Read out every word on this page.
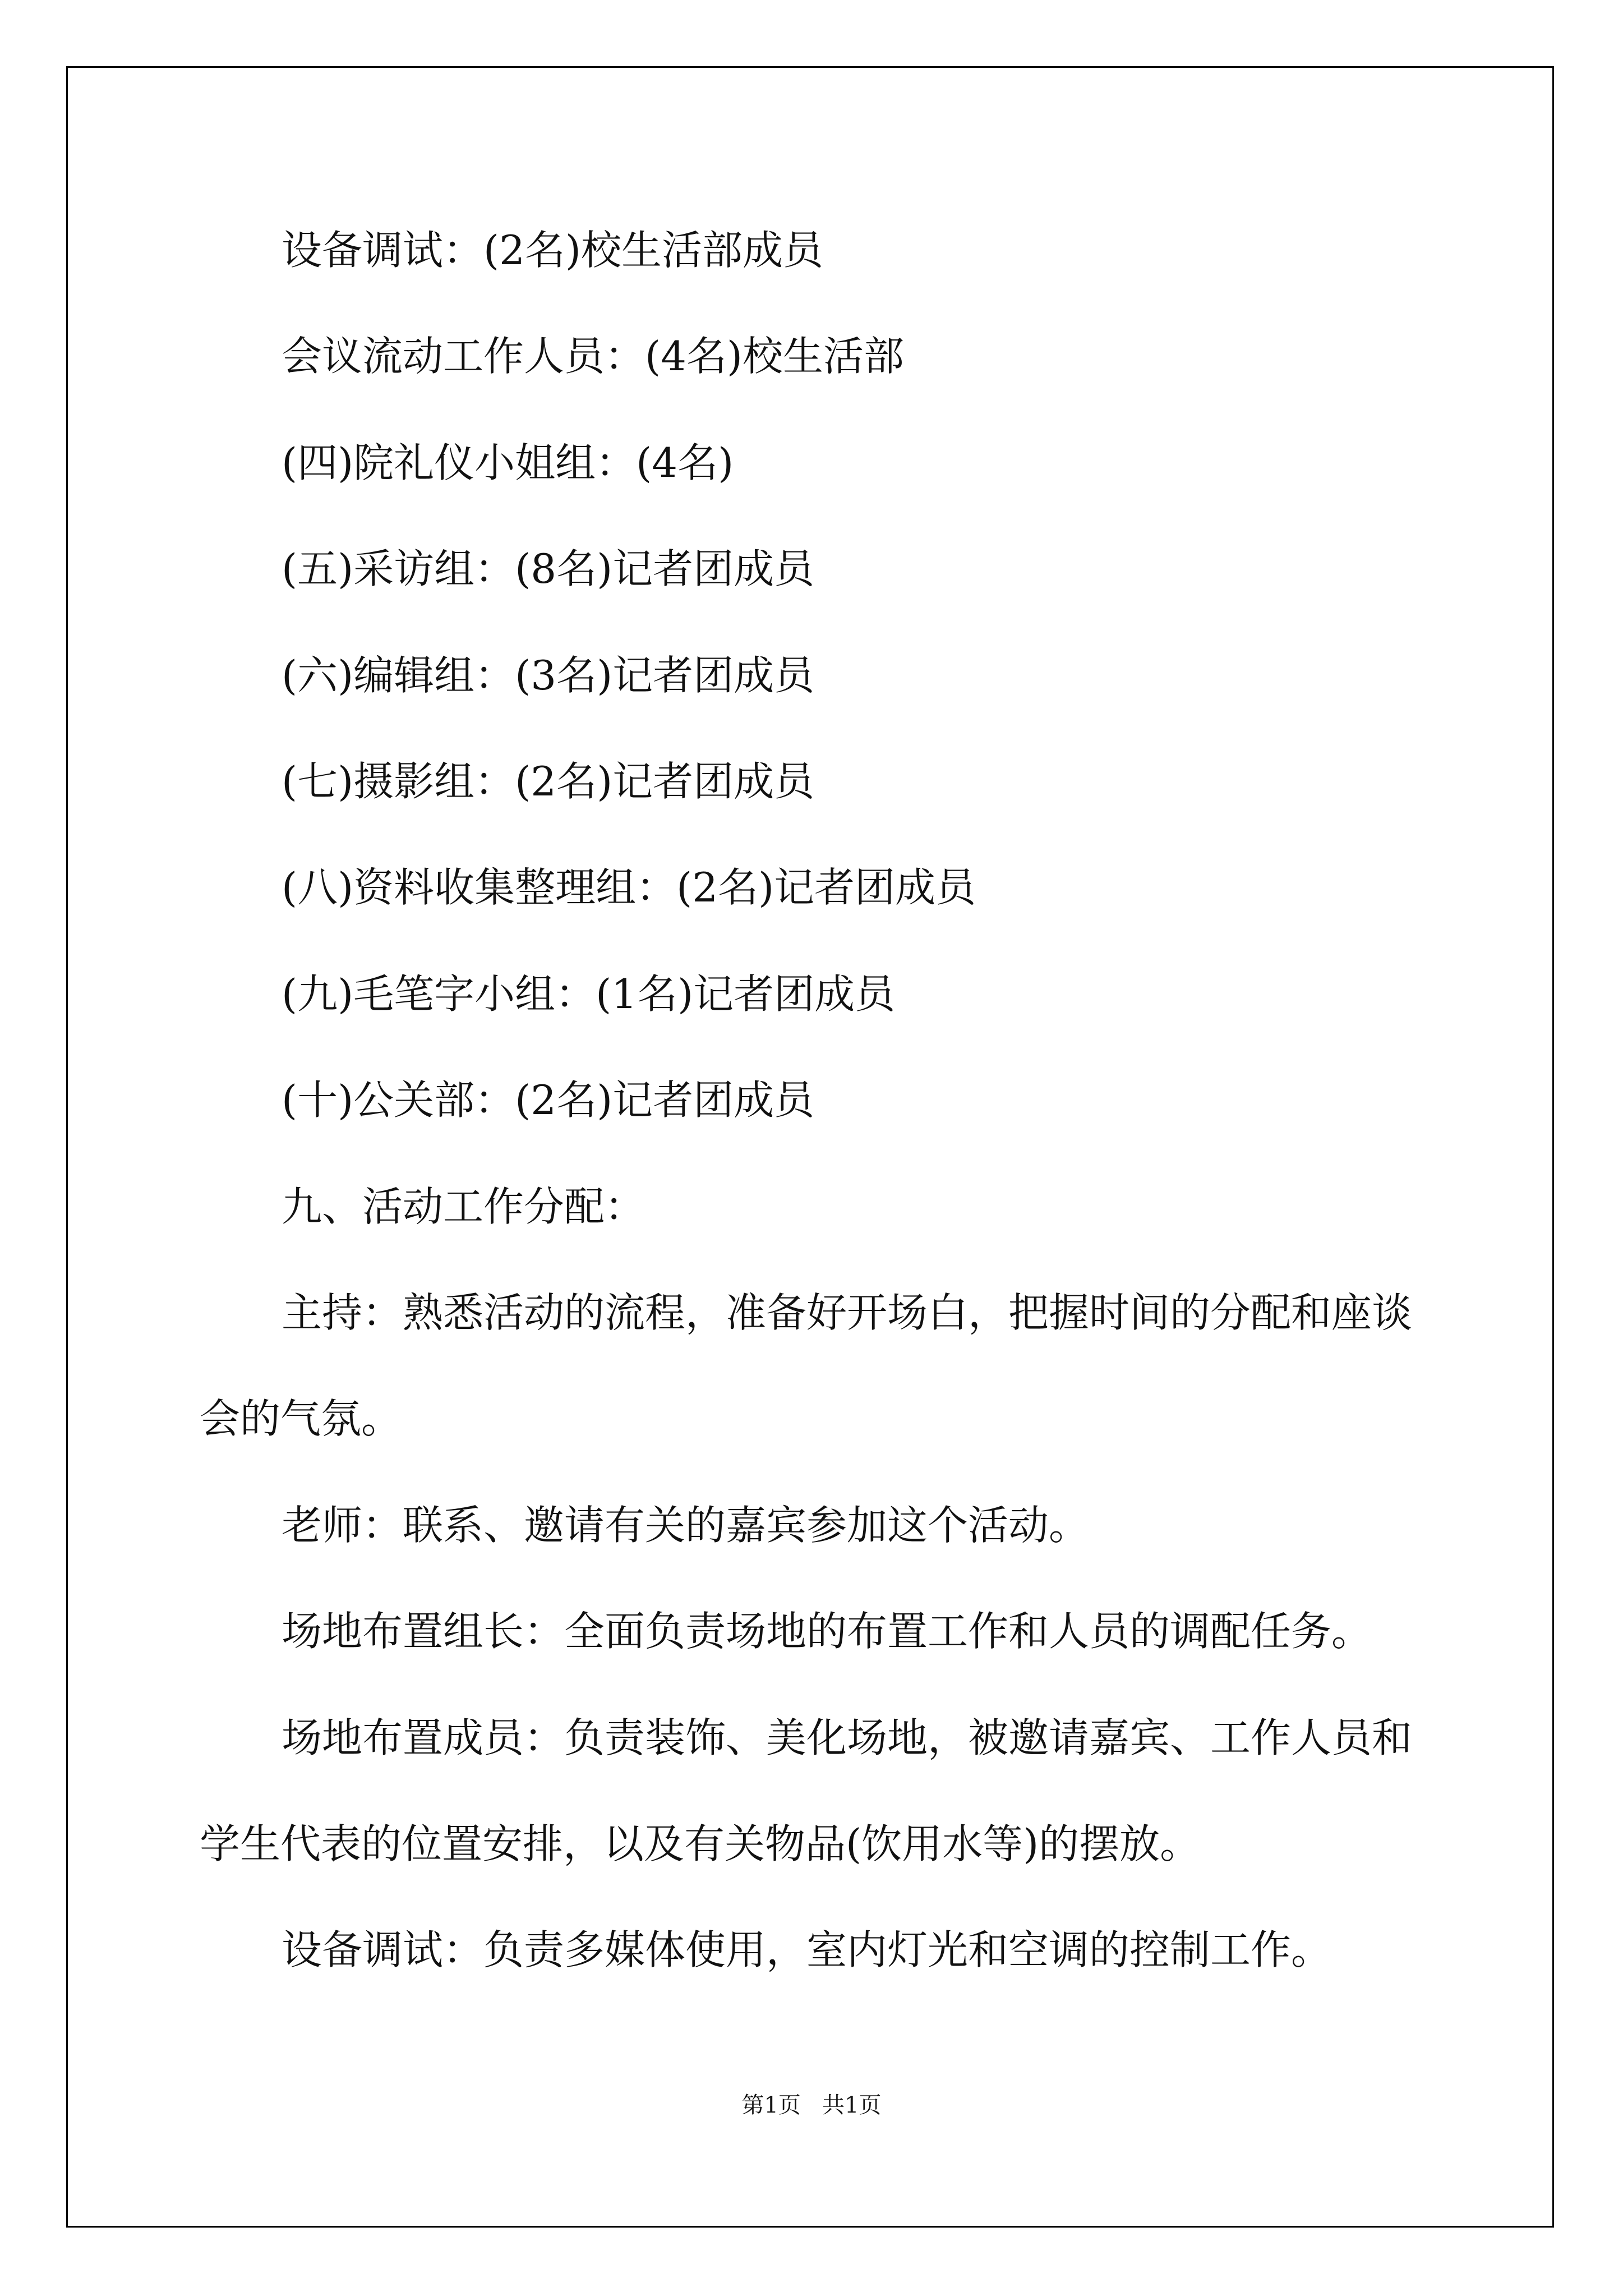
设备调试：(2名)校生活部成员
会议流动工作人员：(4名)校生活部
(四)院礼仪小姐组：(4名)
(五)采访组：(8名)记者团成员
(六)编辑组：(3名)记者团成员
(七)摄影组：(2名)记者团成员
(八)资料收集整理组：(2名)记者团成员
(九)毛笔字小组：(1名)记者团成员
(十)公关部：(2名)记者团成员
九、活动工作分配：
主持：熟悉活动的流程，准备好开场白，把握时间的分配和座谈
会的气氛。
老师：联系、邀请有关的嘉宾参加这个活动。
场地布置组长：全面负责场地的布置工作和人员的调配任务。
场地布置成员：负责装饰、美化场地，被邀请嘉宾、工作人员和
学生代表的位置安排，以及有关物品(饮用水等)的摆放。
设备调试：负责多媒体使用，室内灯光和空调的控制工作。
第1页   共1页
